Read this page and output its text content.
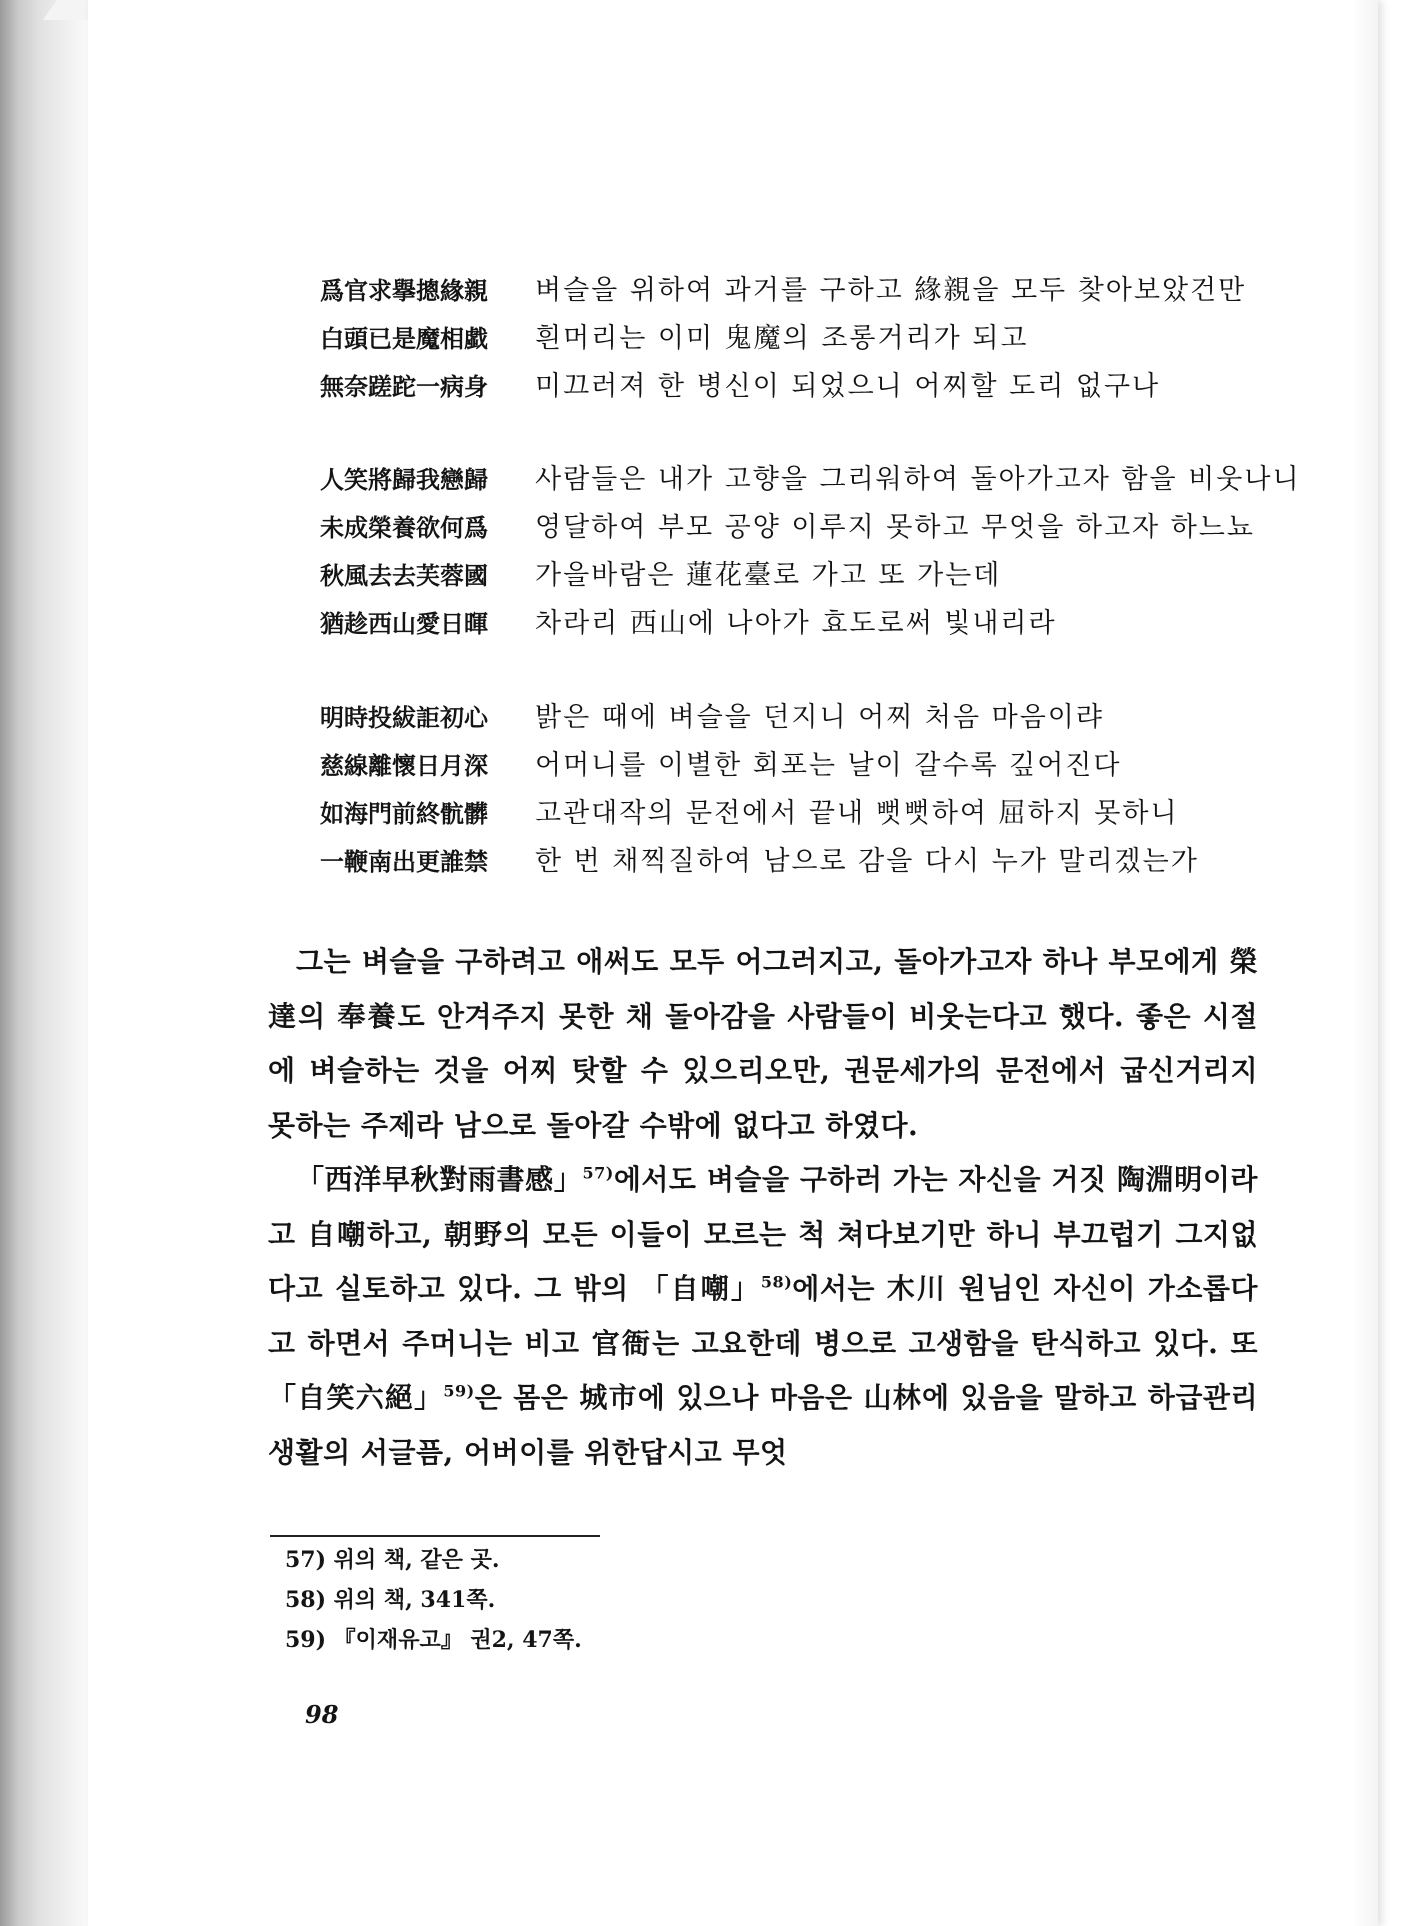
爲官求擧摠緣親	벼슬을 위하여 과거를 구하고 緣親을 모두 찾아보았건만
白頭已是魔相戱	흰머리는 이미 鬼魔의 조롱거리가 되고
無奈蹉跎一病身	미끄러져 한 병신이 되었으니 어찌할 도리 없구나
人笑將歸我戀歸	사람들은 내가 고향을 그리워하여 돌아가고자 함을 비웃나니
未成榮養欲何爲	영달하여 부모 공양 이루지 못하고 무엇을 하고자 하느뇨
秋風去去芙蓉國	가을바람은 蓮花臺로 가고 또 가는데
猶趁西山愛日暉	차라리 西山에 나아가 효도로써 빛내리라
明時投紱詎初心	밝은 때에 벼슬을 던지니 어찌 처음 마음이랴
慈線離懷日月深	어머니를 이별한 회포는 날이 갈수록 깊어진다
如海門前終骯髒	고관대작의 문전에서 끝내 뻣뻣하여 屈하지 못하니
一鞭南出更誰禁	한 번 채찍질하여 남으로 감을 다시 누가 말리겠는가

그는 벼슬을 구하려고 애써도 모두 어그러지고, 돌아가고자 하나 부모에게 榮達의 奉養도 안겨주지 못한 채 돌아감을 사람들이 비웃는다고 했다. 좋은 시절에 벼슬하는 것을 어찌 탓할 수 있으리오만, 권문세가의 문전에서 굽신거리지 못하는 주제라 남으로 돌아갈 수밖에 없다고 하였다.

「西洋早秋對雨書感」$^{57)}$에서도 벼슬을 구하러 가는 자신을 거짓 陶淵明이라고 自嘲하고, 朝野의 모든 이들이 모르는 척 쳐다보기만 하니 부끄럽기 그지없다고 실토하고 있다. 그 밖의 「自嘲」$^{58)}$에서는 木川 원님인 자신이 가소롭다고 하면서 주머니는 비고 官衙는 고요한데 병으로 고생함을 탄식하고 있다. 또 「自笑六絕」$^{59)}$은 몸은 城市에 있으나 마음은 山林에 있음을 말하고 하급관리 생활의 서글픔, 어버이를 위한답시고 무엇

57) 위의 책, 같은 곳.
58) 위의 책, 341쪽.
59) 『이재유고』 권2, 47쪽.
98
